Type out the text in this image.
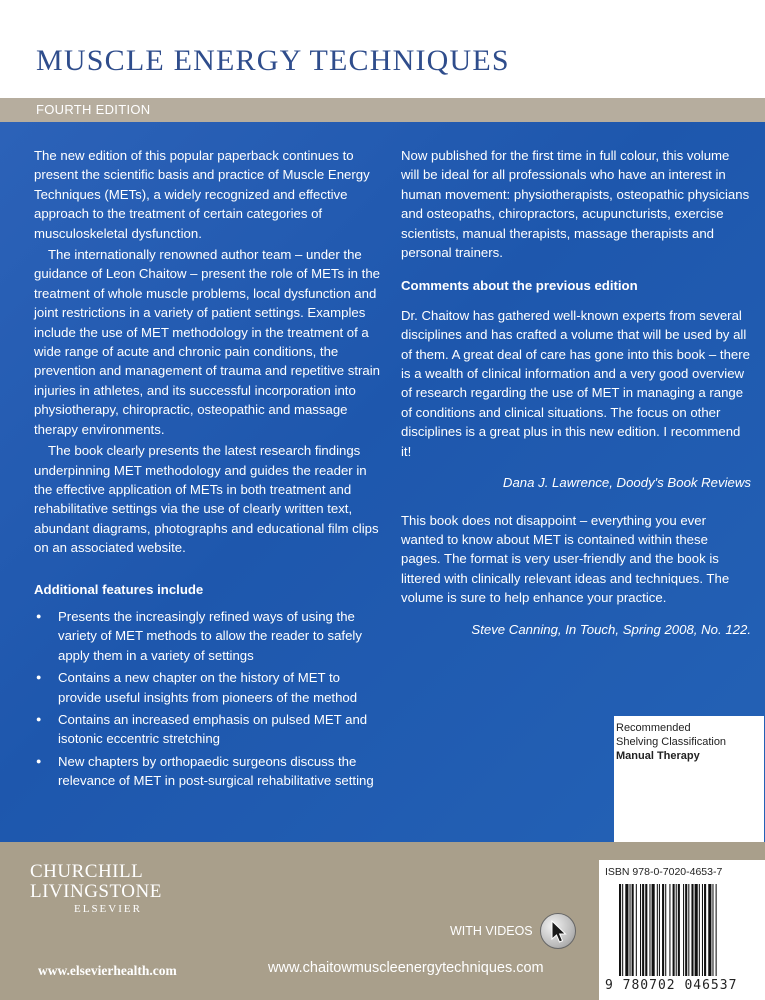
MUSCLE ENERGY TECHNIQUES
FOURTH EDITION

The new edition of this popular paperback continues to present the scientific basis and practice of Muscle Energy Techniques (METs), a widely recognized and effective approach to the treatment of certain categories of musculoskeletal dysfunction.

The internationally renowned author team – under the guidance of Leon Chaitow – present the role of METs in the treatment of whole muscle problems, local dysfunction and joint restrictions in a variety of patient settings. Examples include the use of MET methodology in the treatment of a wide range of acute and chronic pain conditions, the prevention and management of trauma and repetitive strain injuries in athletes, and its successful incorporation into physiotherapy, chiropractic, osteopathic and massage therapy environments.

The book clearly presents the latest research findings underpinning MET methodology and guides the reader in the effective application of METs in both treatment and rehabilitative settings via the use of clearly written text, abundant diagrams, photographs and educational film clips on an associated website.

Additional features include
● Presents the increasingly refined ways of using the variety of MET methods to allow the reader to safely apply them in a variety of settings
● Contains a new chapter on the history of MET to provide useful insights from pioneers of the method
● Contains an increased emphasis on pulsed MET and isotonic eccentric stretching
● New chapters by orthopaedic surgeons discuss the relevance of MET in post-surgical rehabilitative setting

Now published for the first time in full colour, this volume will be ideal for all professionals who have an interest in human movement: physiotherapists, osteopathic physicians and osteopaths, chiropractors, acupuncturists, exercise scientists, manual therapists, massage therapists and personal trainers.

Comments about the previous edition

Dr. Chaitow has gathered well-known experts from several disciplines and has crafted a volume that will be used by all of them. A great deal of care has gone into this book – there is a wealth of clinical information and a very good overview of research regarding the use of MET in managing a range of conditions and clinical situations. The focus on other disciplines is a great plus in this new edition. I recommend it!

Dana J. Lawrence, Doody's Book Reviews

This book does not disappoint – everything you ever wanted to know about MET is contained within these pages. The format is very user-friendly and the book is littered with clinically relevant ideas and techniques. The volume is sure to help enhance your practice.

Steve Canning, In Touch, Spring 2008, No. 122.
Recommended
Shelving Classification
Manual Therapy
CHURCHILL
LIVINGSTONE
ELSEVIER
www.elsevierhealth.com	www.chaitowmuscleenergytechniques.com
WITH VIDEOS
ISBN 978-0-7020-4653-7
9 780702 046537
